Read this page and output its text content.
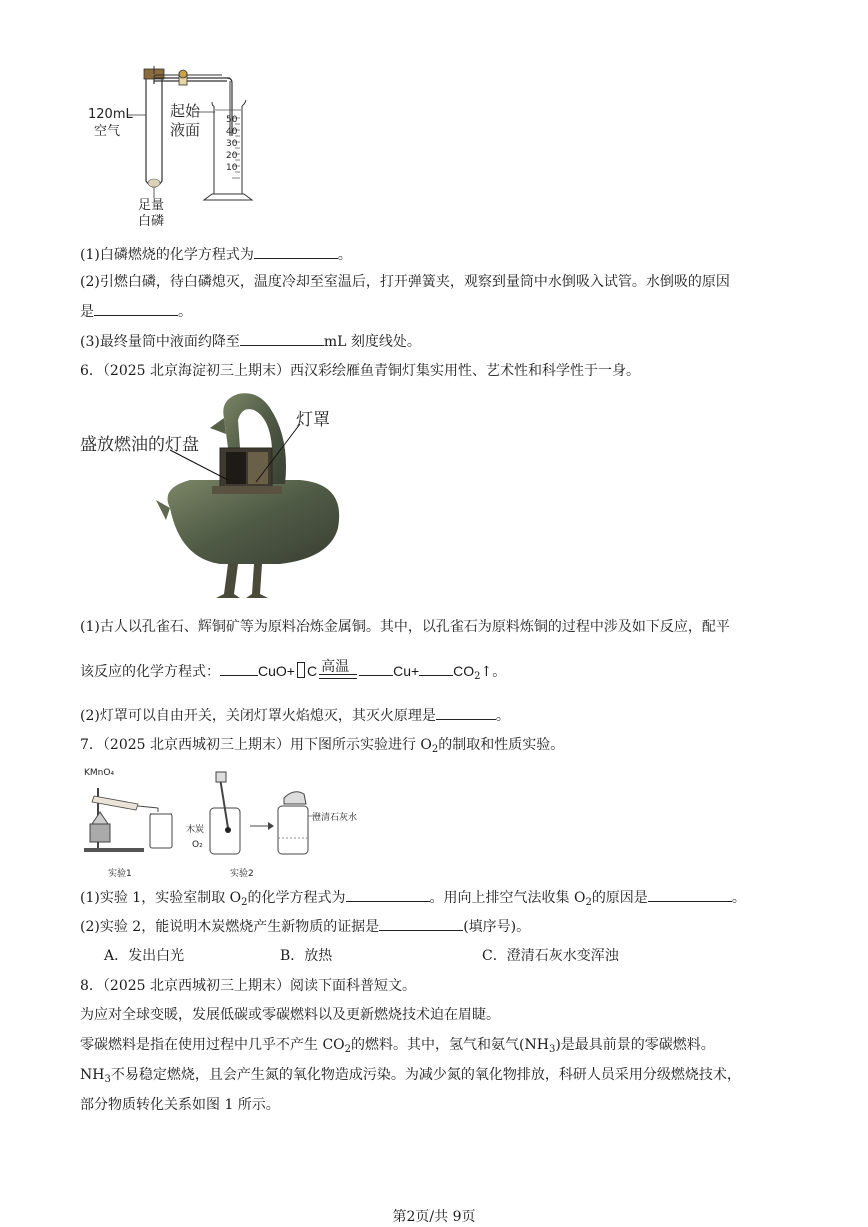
120mL
空气
起始
液面
50
40
30
20
10
足量
白磷
(1)白磷燃烧的化学方程式为	。
(2)引燃白磷，待白磷熄灭，温度冷却至室温后，打开弹簧夹，观察到量筒中水倒吸入试管。水倒吸的原因
是	。
(3)最终量筒中液面约降至	mL 刻度线处。
6．（2025 北京海淀初三上期末）西汉彩绘雁鱼青铜灯集实用性、艺术性和科学性于一身。
盛放燃油的灯盘
灯罩
(1)古人以孔雀石、辉铜矿等为原料冶炼金属铜。其中，以孔雀石为原料炼铜的过程中涉及如下反应，配平
该反应的化学方程式：	CuO+ C 高温	$Cu+ CO_2↑$。
(2)灯罩可以自由开关，关闭灯罩火焰熄灭，其灭火原理是	。
7．（2025 北京西城初三上期末）用下图所示实验进行 $O_2$的制取和性质实验。
KMnO₄
木炭
O₂
澄清石灰水
实验1	实验2
(1)实验 1，实验室制取 $O_2$的化学方程式为	。用向上排空气法收集 $O_2$的原因是	。
(2)实验 2，能说明木炭燃烧产生新物质的证据是	(填序号)。
A．发出白光	B．放热	C．澄清石灰水变浑浊
8．（2025 北京西城初三上期末）阅读下面科普短文。
为应对全球变暖，发展低碳或零碳燃料以及更新燃烧技术迫在眉睫。
零碳燃料是指在使用过程中几乎不产生 $CO_2$的燃料。其中，氢气和氨气$(NH_3)$是最具前景的零碳燃料。
$NH_3$不易稳定燃烧，且会产生氮的氧化物造成污染。为减少氮的氧化物排放，科研人员采用分级燃烧技术，
部分物质转化关系如图 1 所示。
第2页/共 9页
